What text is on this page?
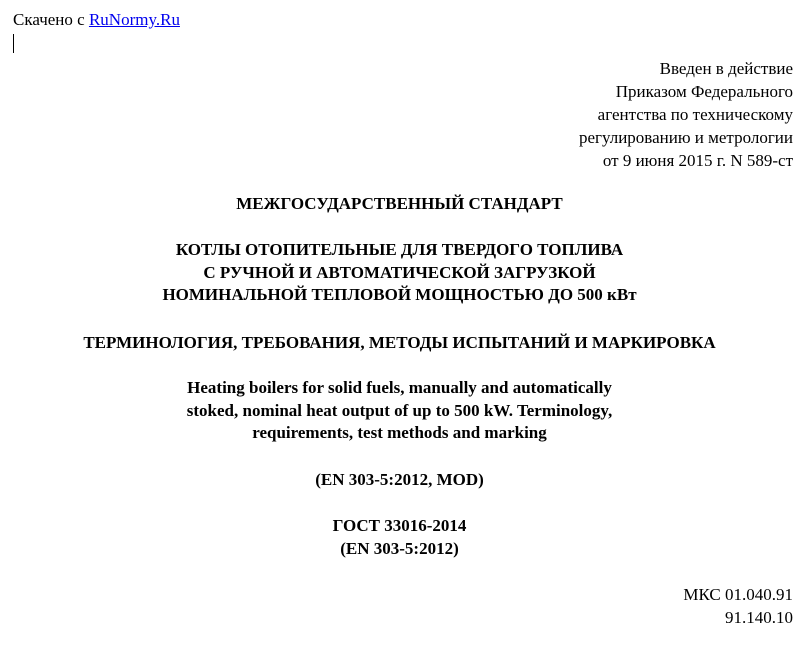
Скачено с RuNormy.Ru
Введен в действие
Приказом Федерального
агентства по техническому
регулированию и метрологии
от 9 июня 2015 г. N 589-ст
МЕЖГОСУДАРСТВЕННЫЙ СТАНДАРТ
КОТЛЫ ОТОПИТЕЛЬНЫЕ ДЛЯ ТВЕРДОГО ТОПЛИВА
С РУЧНОЙ И АВТОМАТИЧЕСКОЙ ЗАГРУЗКОЙ
НОМИНАЛЬНОЙ ТЕПЛОВОЙ МОЩНОСТЬЮ ДО 500 кВт
ТЕРМИНОЛОГИЯ, ТРЕБОВАНИЯ, МЕТОДЫ ИСПЫТАНИЙ И МАРКИРОВКА
Heating boilers for solid fuels, manually and automatically
stoked, nominal heat output of up to 500 kW. Terminology,
requirements, test methods and marking
(EN 303-5:2012, MOD)
ГОСТ 33016-2014
(EN 303-5:2012)
МКС 01.040.91
91.140.10
